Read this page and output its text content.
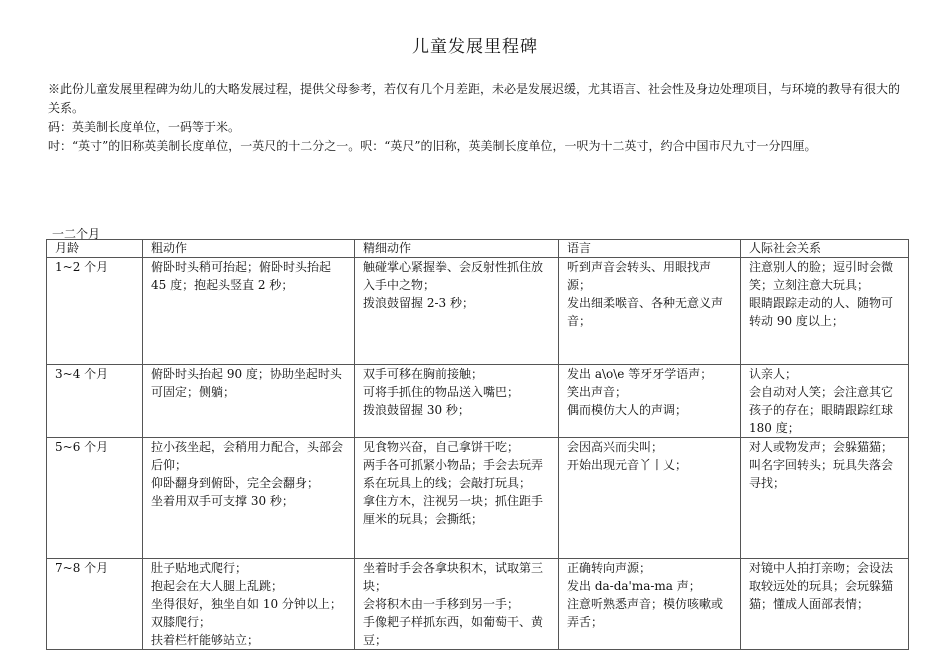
儿童发展里程碑

※此份儿童发展里程碑为幼儿的大略发展过程，提供父母参考，若仅有几个月差距，未必是发展迟缓，尤其语言、社会性及身边处理项目，与环境的教导有很大的关系。

码：英美制长度单位，一码等于米。

吋：“英寸”的旧称英美制长度单位，一英尺的十二分之一。呎：“英尺”的旧称，英美制长度单位，一呎为十二英寸，约合中国市尺九寸一分四厘。

一二个月
月龄	粗动作	精细动作	语言	人际社会关系

1~2 个月	俯卧时头稍可抬起；俯卧时头抬起 45 度；抱起头竖直 2 秒；	触碰掌心紧握拳、会反射性抓住放入手中之物；
拨浪鼓留握 2-3 秒；	听到声音会转头、用眼找声源；
发出细柔喉音、各种无意义声
音；	注意别人的脸；逗引时会微笑；立刻注意大玩具；
眼睛跟踪走动的人、随物可转动 90 度以上；

3~4 个月	俯卧时头抬起 90 度；协助坐起时头可固定；侧躺；	双手可移在胸前接触；
可将手抓住的物品送入嘴巴；
拨浪鼓留握 30 秒；	发出 a\o\e 等牙牙学语声；
笑出声音；
偶而模仿大人的声调；	认亲人；
会自动对人笑；会注意其它孩子的存在；眼睛跟踪红球 180 度；

5~6 个月	拉小孩坐起，会稍用力配合，头部会后仰；
仰卧翻身到俯卧，完全会翻身；
坐着用双手可支撑 30 秒；	见食物兴奋，自己拿饼干吃；
两手各可抓紧小物品；手会去玩弄系在玩具上的线；会敲打玩具；
拿住方木，注视另一块；抓住距手厘米的玩具；会撕纸；	会因高兴而尖叫；
开始出现元音丫丨乂；	对人或物发声；会躲猫猫；
叫名字回转头；玩具失落会寻找；

7~8 个月	肚子贴地式爬行；
抱起会在大人腿上乱跳；
坐得很好，独坐自如 10 分钟以上；
双膝爬行；
扶着栏杆能够站立；	坐着时手会各拿块积木，试取第三块；
会将积木由一手移到另一手；
手像耙子样抓东西，如葡萄干、黄豆；	正确转向声源；
发出 da-da'ma-ma 声；
注意听熟悉声音；模仿咳嗽或弄舌；	对镜中人拍打亲吻；会设法取较远处的玩具；会玩躲猫猫；懂成人面部表情；
